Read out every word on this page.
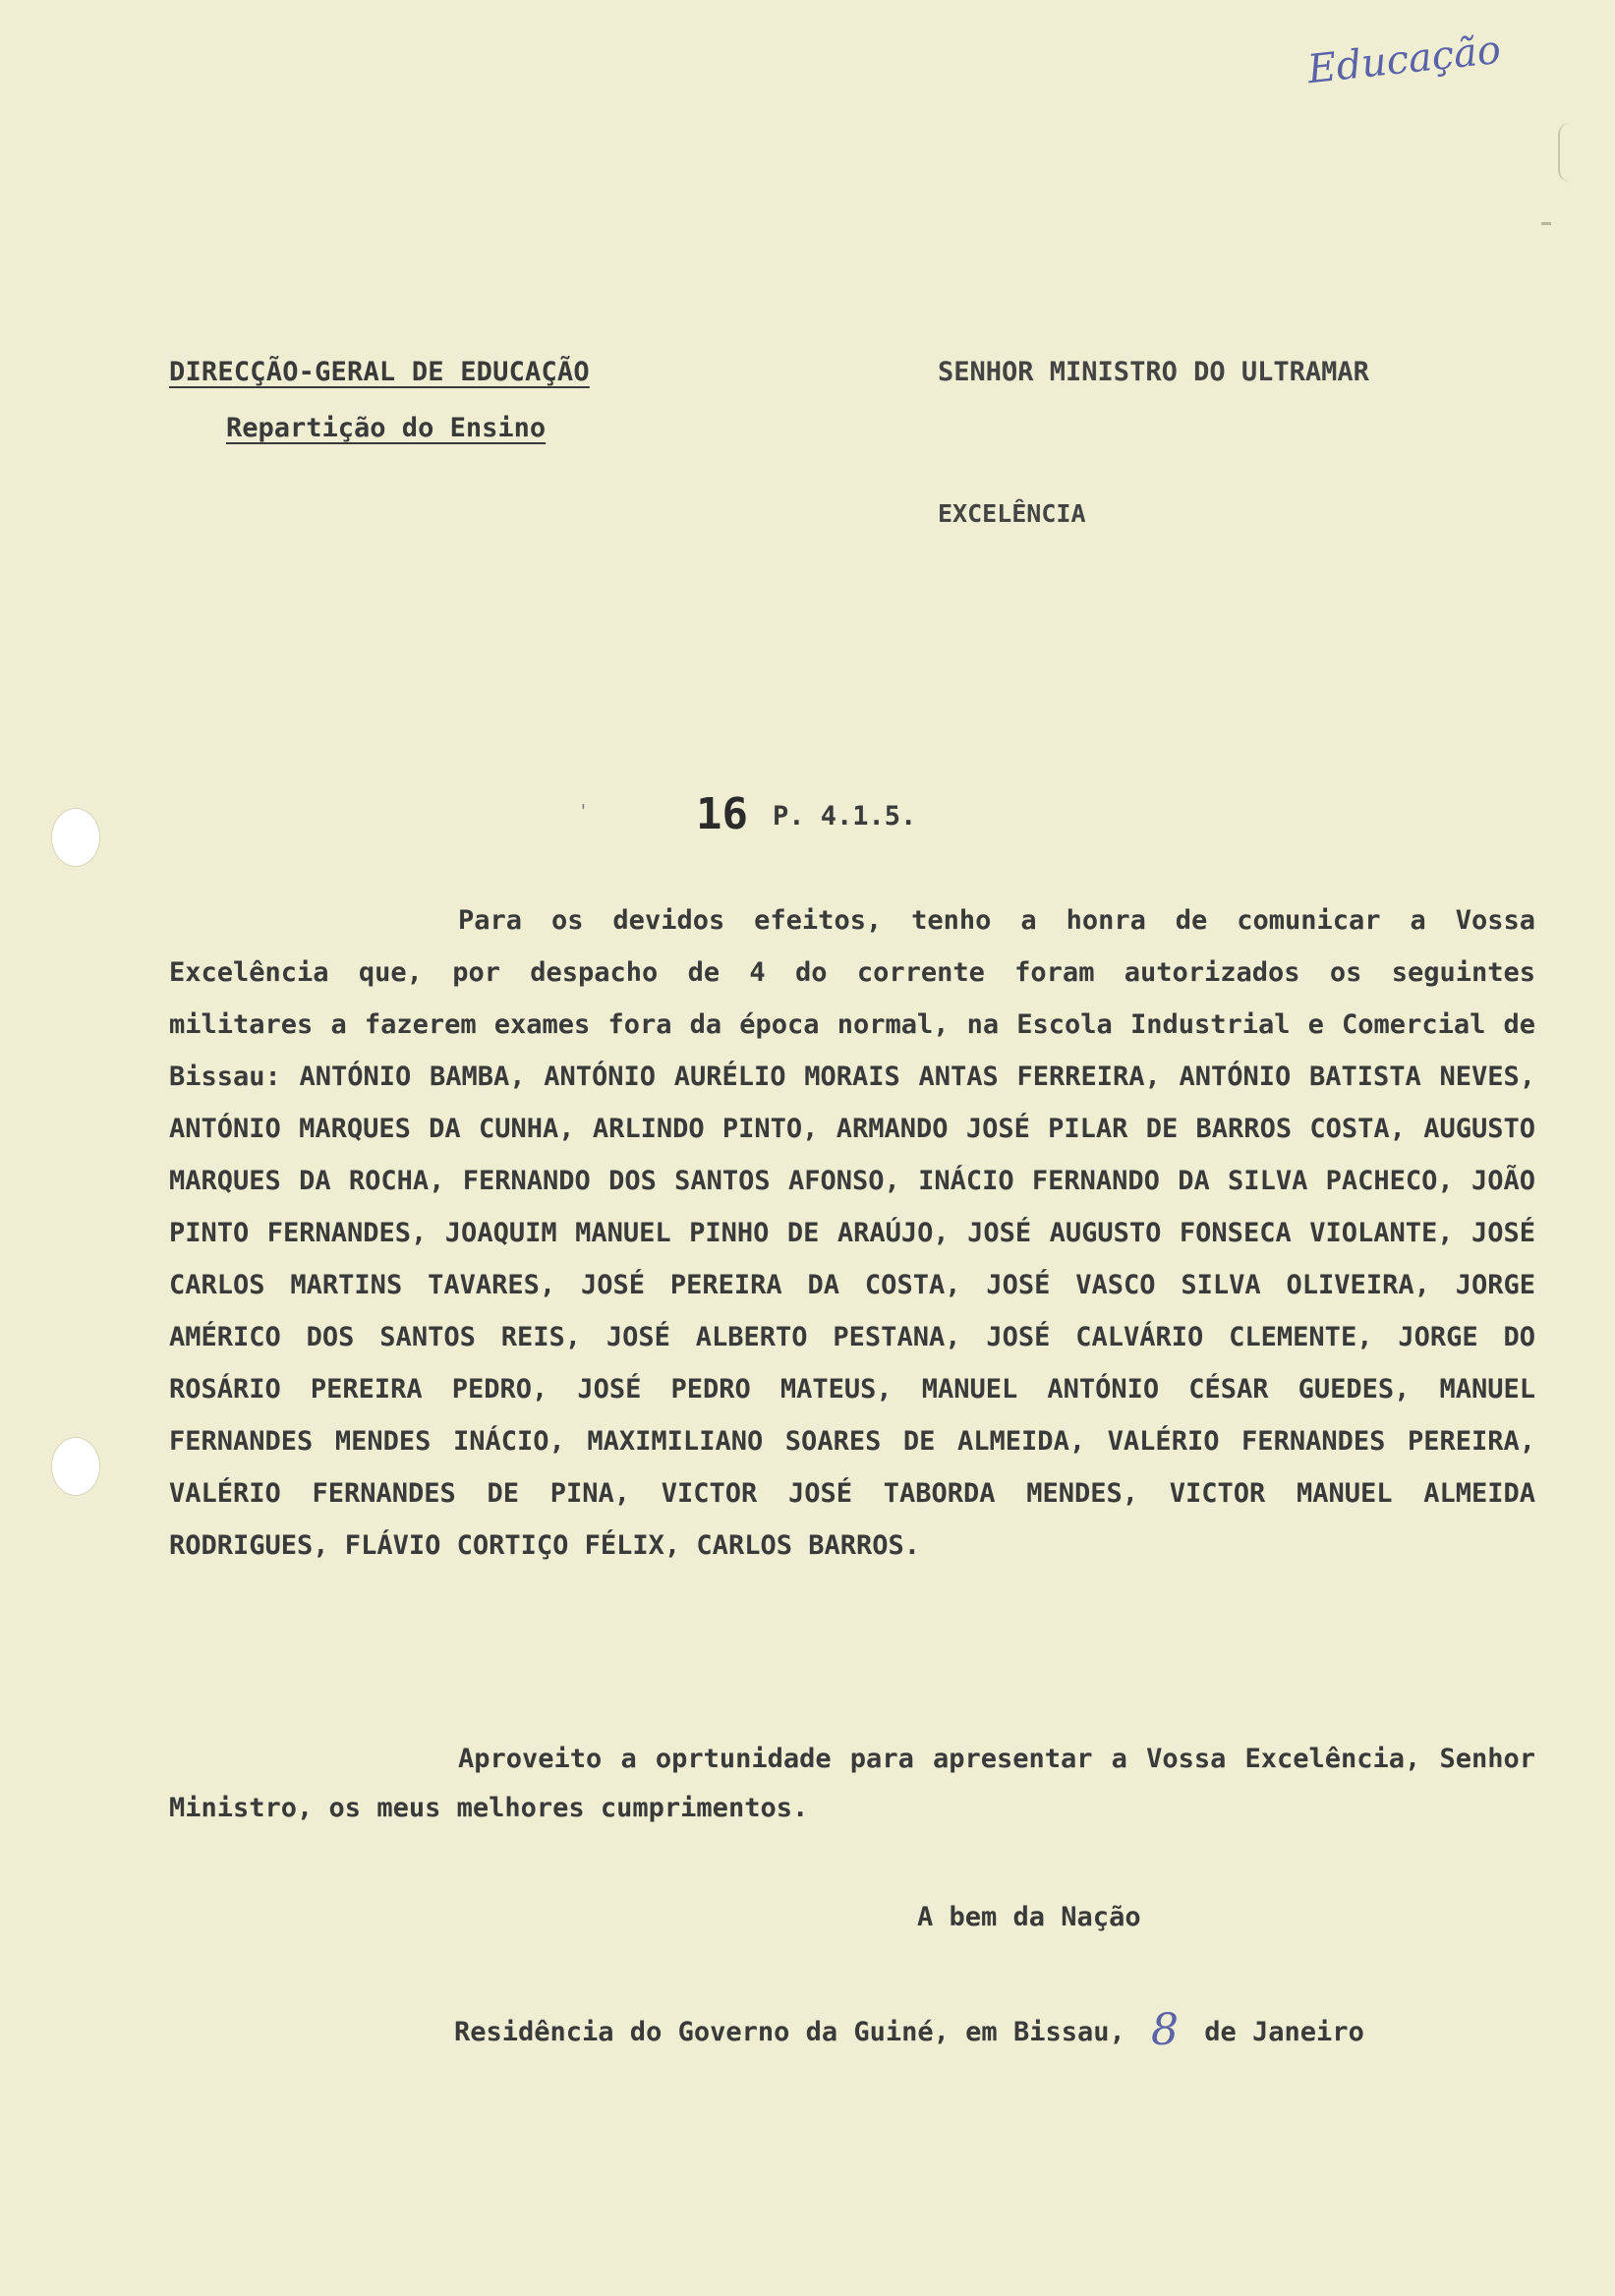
Educação
DIRECÇÃO-GERAL DE EDUCAÇÃO
Repartição do Ensino
SENHOR MINISTRO DO ULTRAMAR
EXCELÊNCIA
' 16 P. 4.1.5.

Para os devidos efeitos, tenho a honra de comunicar a Vossa Excelência que, por despacho de 4 do corrente foram autorizados os seguintes militares a fazerem exames fora da época normal, na Escola Industrial e Comercial de Bissau: ANTÓNIO BAMBA, ANTÓNIO AURÉLIO MORAIS ANTAS FERREIRA, ANTÓNIO BATISTA NEVES, ANTÓNIO MARQUES DA CUNHA, ARLINDO PINTO, ARMANDO JOSÉ PILAR DE BARROS COSTA, AUGUSTO MARQUES DA ROCHA, FERNANDO DOS SANTOS AFONSO, INÁCIO FERNANDO DA SILVA PACHECO, JOÃO PINTO FERNANDES, JOAQUIM MANUEL PINHO DE ARAÚJO, JOSÉ AUGUSTO FONSECA VIOLANTE, JOSÉ CARLOS MARTINS TAVARES, JOSÉ PEREIRA DA COSTA, JOSÉ VASCO SILVA OLIVEIRA, JORGE AMÉRICO DOS SANTOS REIS, JOSÉ ALBERTO PESTANA, JOSÉ CALVÁRIO CLEMENTE, JORGE DO ROSÁRIO PEREIRA PEDRO, JOSÉ PEDRO MATEUS, MANUEL ANTÓNIO CÉSAR GUEDES, MANUEL FERNANDES MENDES INÁCIO, MAXIMILIANO SOARES DE ALMEIDA, VALÉRIO FERNANDES PEREIRA, VALÉRIO FERNANDES DE PINA, VICTOR JOSÉ TABORDA MENDES, VICTOR MANUEL ALMEIDA RODRIGUES, FLÁVIO CORTIÇO FÉLIX, CARLOS BARROS.

Aproveito a oprtunidade para apresentar a Vossa Excelência, Senhor Ministro, os meus melhores cumprimentos.

A bem da Nação
Residência do Governo da Guiné, em Bissau, 8 de Janeiro
